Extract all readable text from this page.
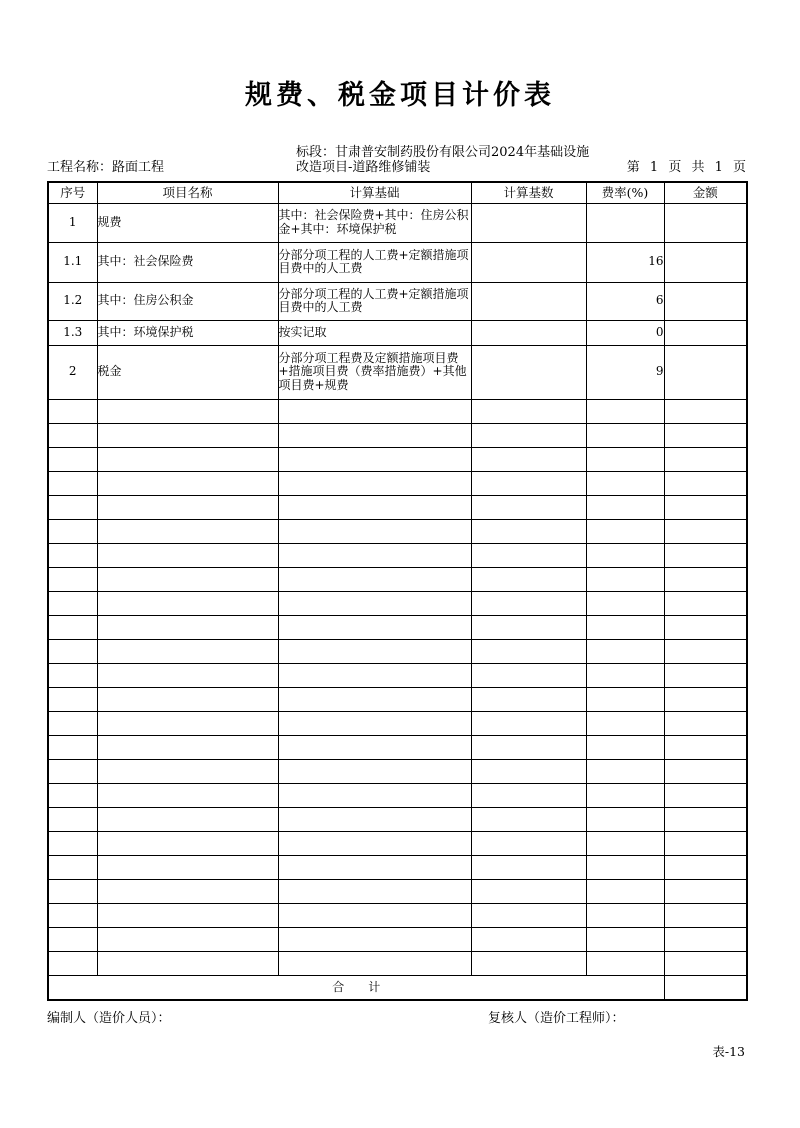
规费、税金项目计价表
工程名称：路面工程
标段：甘肃普安制药股份有限公司2024年基础设施改造项目-道路维修铺装	第 1 页 共 1 页
序号	项目名称	计算基础	计算基数	费率(%)	金额
1	规费	其中：社会保险费+其中：住房公积金+其中：环境保护税			
1.1	其中：社会保险费	分部分项工程的人工费+定额措施项目费中的人工费		16	
1.2	其中：住房公积金	分部分项工程的人工费+定额措施项目费中的人工费		6	
1.3	其中：环境保护税	按实记取		0	
2	税金	分部分项工程费及定额措施项目费+措施项目费（费率措施费）+其他项目费+规费		9	

合　　计					
编制人（造价人员）：	复核人（造价工程师）：
表-13
